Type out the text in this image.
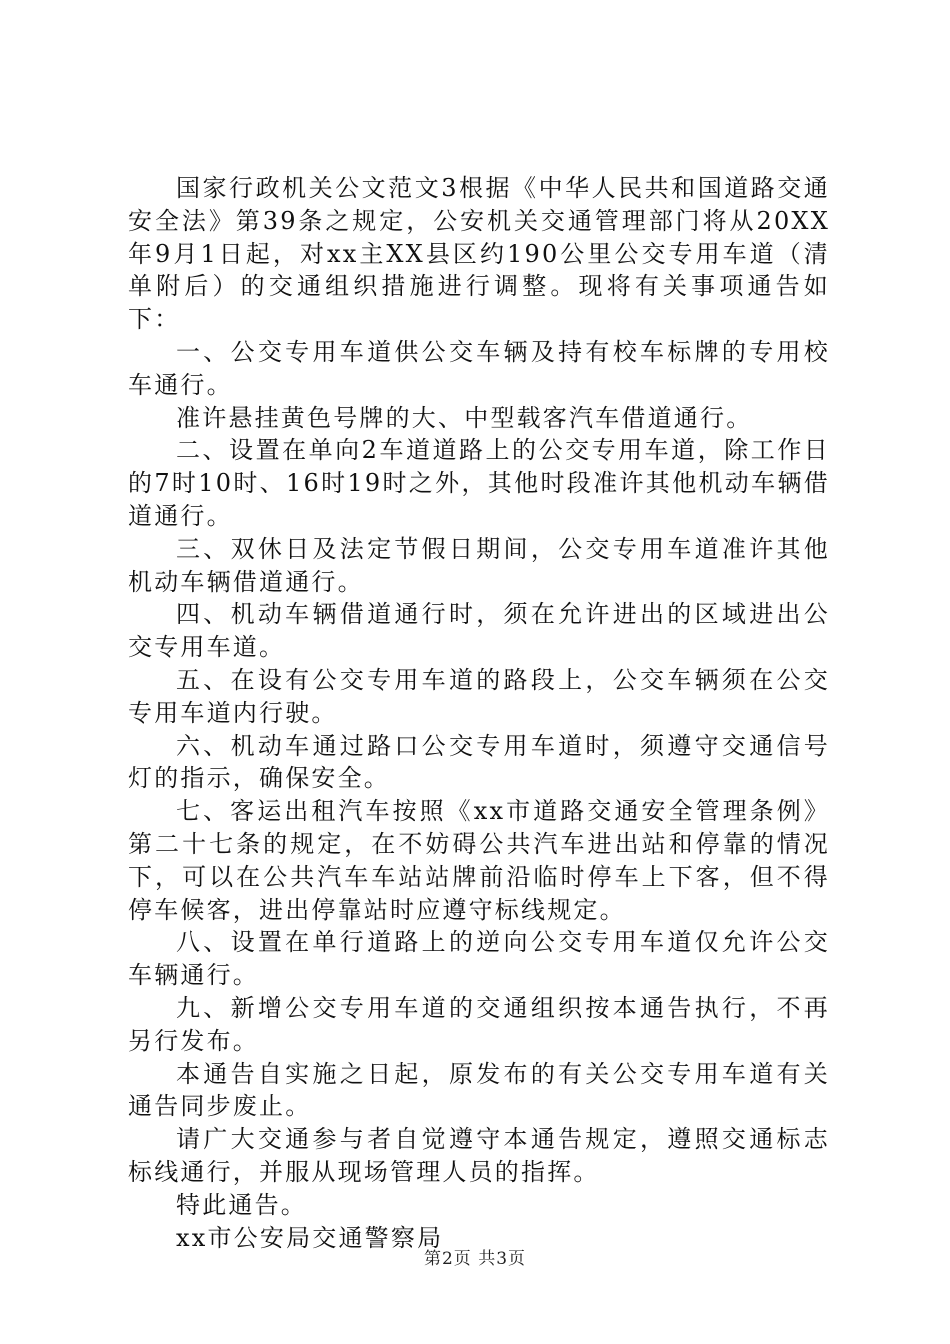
国家行政机关公文范文3根据《中华人民共和国道路交通安全法》第39条之规定，公安机关交通管理部门将从20XX年9月1日起，对xx主XX县区约190公里公交专用车道（清单附后）的交通组织措施进行调整。现将有关事项通告如下：

一、公交专用车道供公交车辆及持有校车标牌的专用校车通行。

准许悬挂黄色号牌的大、中型载客汽车借道通行。

二、设置在单向2车道道路上的公交专用车道，除工作日的7时10时、16时19时之外，其他时段准许其他机动车辆借道通行。

三、双休日及法定节假日期间，公交专用车道准许其他机动车辆借道通行。

四、机动车辆借道通行时，须在允许进出的区域进出公交专用车道。

五、在设有公交专用车道的路段上，公交车辆须在公交专用车道内行驶。

六、机动车通过路口公交专用车道时，须遵守交通信号灯的指示，确保安全。

七、客运出租汽车按照《xx市道路交通安全管理条例》第二十七条的规定，在不妨碍公共汽车进出站和停靠的情况下，可以在公共汽车车站站牌前沿临时停车上下客，但不得停车候客，进出停靠站时应遵守标线规定。

八、设置在单行道路上的逆向公交专用车道仅允许公交车辆通行。

九、新增公交专用车道的交通组织按本通告执行，不再另行发布。

本通告自实施之日起，原发布的有关公交专用车道有关通告同步废止。

请广大交通参与者自觉遵守本通告规定，遵照交通标志标线通行，并服从现场管理人员的指挥。

特此通告。

xx市公安局交通警察局

第2页 共3页
